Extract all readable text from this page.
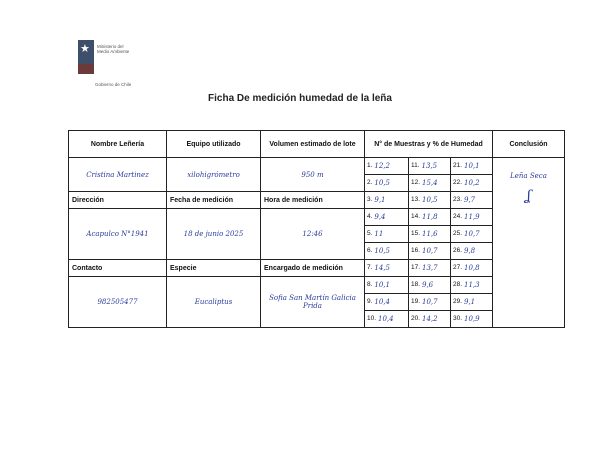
★ Ministerio del Medio Ambiente
Gobierno de Chile
Ficha De medición humedad de la leña
Nombre Leñería	Equipo utilizado	Volumen estimado de lote	N° de Muestras y % de Humedad			Conclusión
Cristina Martinez	xilohigrómetro	950 m	1. 12,2	11. 13,5	21. 10,1	Leña Seca
ʆ

			2. 10,5	12. 15,4	22. 10,2	

Dirección	Fecha de medición	Hora de medición	3. 9,1	13. 10,5	23. 9,7	

Acapulco N°1941	18 de junio 2025	12:46	4. 9,4	14. 11,8	24. 11,9	

			5. 11	15. 11,6	25. 10,7	

			6. 10,5	16. 10,7	26. 9,8	

Contacto	Especie	Encargado de medición	7. 14,5	17. 13,7	27. 10,8	

982505477	Eucaliptus	Sofia San Martín Galicia Prida	8. 10,1	18. 9,6	28. 11,3	

			9. 10,4	19. 10,7	29. 9,1	

			10. 10,4	20. 14,2	30. 10,9	
